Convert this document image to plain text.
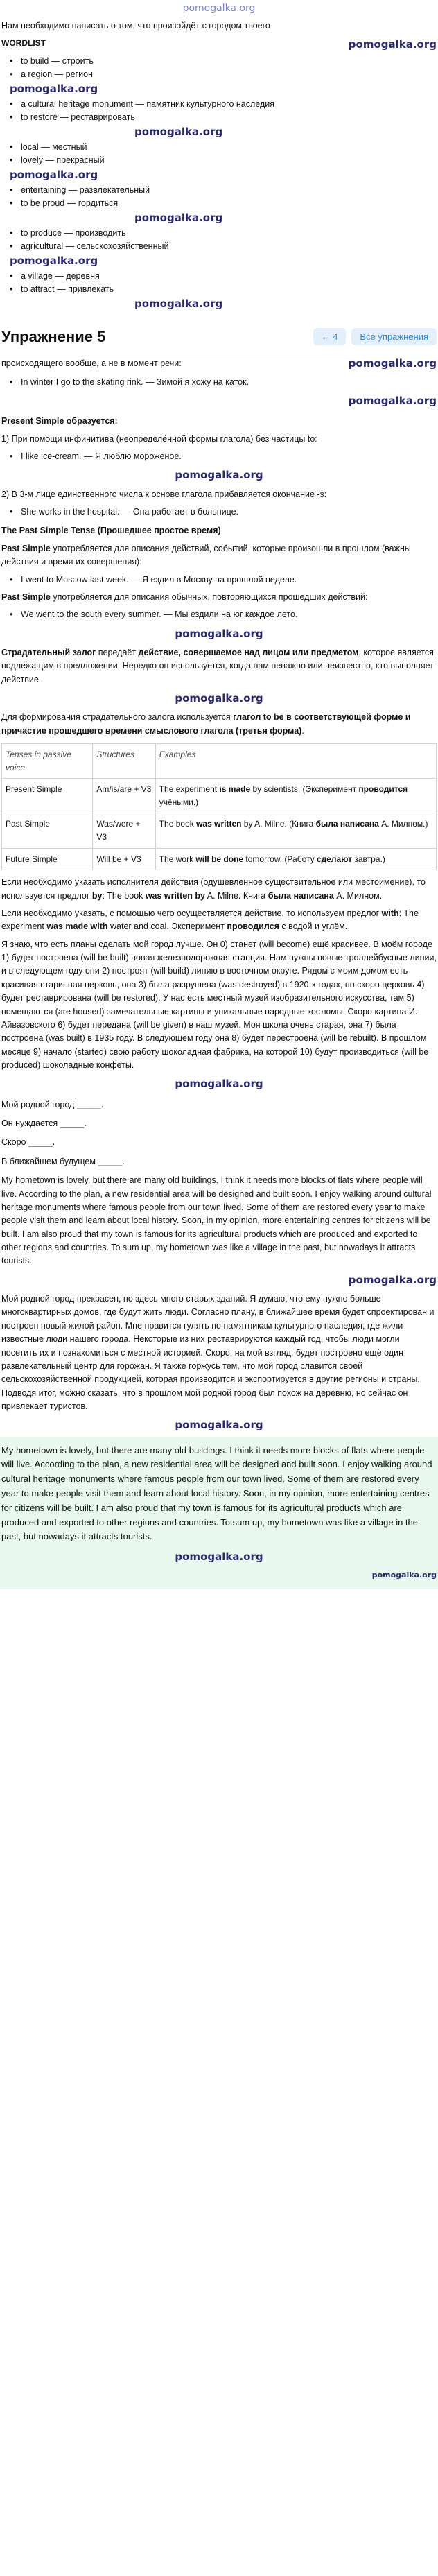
pomogalka.org
Нам необходимо написать о том, что произойдёт с городом твоего
WORDLIST	pomogalka.org
• to build — строить
• a region — регион
pomogalka.org
• a cultural heritage monument — памятник культурного наследия
• to restore — реставрировать
pomogalka.org
• local — местный
• lovely — прекрасный
pomogalka.org
• entertaining — развлекательный
• to be proud — гордиться
pomogalka.org
• to produce — производить
• agricultural — сельскохозяйственный
pomogalka.org
• a village — деревня
• to attract — привлекать
pomogalka.org
Упражнение 5	← 4	Все упражнения
происходящего вообще, а не в момент речи:	pomogalka.org
• In winter I go to the skating rink. — Зимой я хожу на каток.
pomogalka.org
Present Simple образуется:
1) При помощи инфинитива (неопределённой формы глагола) без частицы to:
• I like ice-cream. — Я люблю мороженое.
pomogalka.org
2) В 3-м лице единственного числа к основе глагола прибавляется окончание -s:
• She works in the hospital. — Она работает в больнице.
The Past Simple Tense (Прошедшее простое время)
Past Simple употребляется для описания действий, событий, которые произошли в прошлом (важны действия и время их совершения):
• I went to Moscow last week. — Я ездил в Москву на прошлой неделе.
Past Simple употребляется для описания обычных, повторяющихся прошедших действий:
• We went to the south every summer. — Мы ездили на юг каждое лето.
pomogalka.org
Страдательный залог передаёт действие, совершаемое над лицом или предметом, которое является подлежащим в предложении. Нередко он используется, когда нам неважно или неизвестно, кто выполняет действие.
pomogalka.org
Для формирования страдательного залога используется глагол to be в соответствующей форме и причастие прошедшего времени смыслового глагола (третья форма).
Tenses in passive voice	Structures	Examples
Present Simple	Am/is/are + V3	The experiment is made by scientists. (Эксперимент проводится учёными.)
Past Simple	Was/were + V3	The book was written by A. Milne. (Книга была написана А. Милном.)
Future Simple	Will be + V3	The work will be done tomorrow. (Работу сделают завтра.)
Если необходимо указать исполнителя действия (одушевлённое существительное или местоимение), то используется предлог by: The book was written by A. Milne. Книга была написана А. Милном.
Если необходимо указать, с помощью чего осуществляется действие, то используем предлог with: The experiment was made with water and coal. Эксперимент проводился с водой и углём.
Я знаю, что есть планы сделать мой город лучше. Он 0) станет (will become) ещё красивее. В моём городе 1) будет построена (will be built) новая железнодорожная станция. Нам нужны новые троллейбусные линии, и в следующем году они 2) построят (will build) линию в восточном округе. Рядом с моим домом есть красивая старинная церковь, она 3) была разрушена (was destroyed) в 1920-х годах, но скоро церковь 4) будет реставрирована (will be restored). У нас есть местный музей изобразительного искусства, там 5) помещаются (are housed) замечательные картины и уникальные народные костюмы. Скоро картина И. Айвазовского 6) будет передана (will be given) в наш музей. Моя школа очень старая, она 7) была построена (was built) в 1935 году. В следующем году она 8) будет перестроена (will be rebuilt). В прошлом месяце 9) начало (started) свою работу шоколадная фабрика, на которой 10) будут производиться (will be produced) шоколадные конфеты.
pomogalka.org
Мой родной город _____.
Он нуждается _____.
Скоро _____.
В ближайшем будущем _____.
My hometown is lovely, but there are many old buildings. I think it needs more blocks of flats where people will live. According to the plan, a new residential area will be designed and built soon. I enjoy walking around cultural heritage monuments where famous people from our town lived. Some of them are restored every year to make people visit them and learn about local history. Soon, in my opinion, more entertaining centres for citizens will be built. I am also proud that my town is famous for its agricultural products which are produced and exported to other regions and countries. To sum up, my hometown was like a village in the past, but nowadays it attracts tourists.
pomogalka.org
Мой родной город прекрасен, но здесь много старых зданий. Я думаю, что ему нужно больше многоквартирных домов, где будут жить люди. Согласно плану, в ближайшее время будет спроектирован и построен новый жилой район. Мне нравится гулять по памятникам культурного наследия, где жили известные люди нашего города. Некоторые из них реставрируются каждый год, чтобы люди могли посетить их и познакомиться с местной историей. Скоро, на мой взгляд, будет построено ещё один развлекательный центр для горожан. Я также горжусь тем, что мой город славится своей сельскохозяйственной продукцией, которая производится и экспортируется в другие регионы и страны. Подводя итог, можно сказать, что в прошлом мой родной город был похож на деревню, но сейчас он привлекает туристов.
pomogalka.org

My hometown is lovely, but there are many old buildings. I think it needs more blocks of flats where people will live. According to the plan, a new residential area will be designed and built soon. I enjoy walking around cultural heritage monuments where famous people from our town lived. Some of them are restored every year to make people visit them and learn about local history. Soon, in my opinion, more entertaining centres for citizens will be built. I am also proud that my town is famous for its agricultural products which are produced and exported to other regions and countries. To sum up, my hometown was like a village in the past, but nowadays it attracts tourists.

pomogalka.org
pomogalka.org
